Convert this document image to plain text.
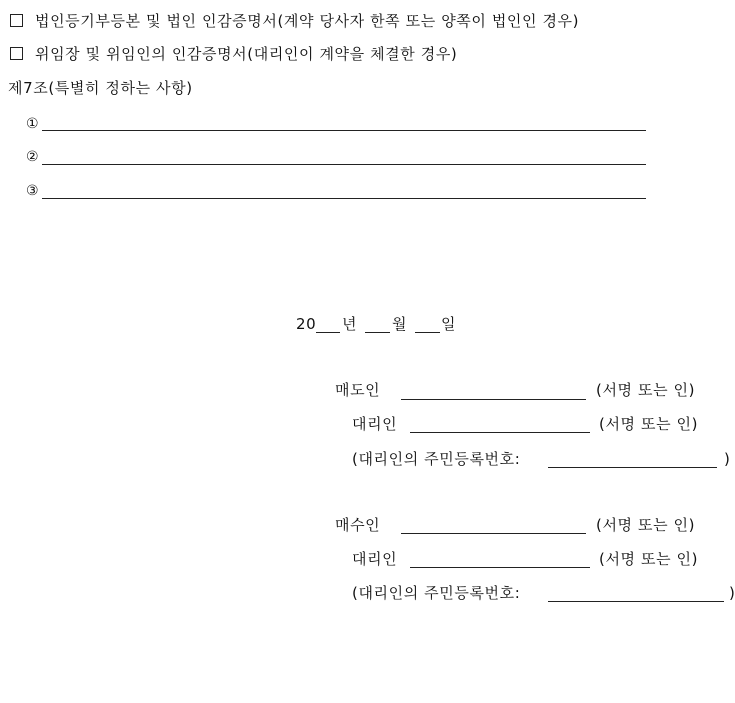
법인등기부등본 및 법인 인감증명서(계약 당사자 한쪽 또는 양쪽이 법인인 경우)
위임장 및 위임인의 인감증명서(대리인이 계약을 체결한 경우)
제7조(특별히 정하는 사항)
①
②
③
20 년 월 일
매도인	(서명 또는 인)
대리인	(서명 또는 인)
(대리인의 주민등록번호:	)
매수인	(서명 또는 인)
대리인	(서명 또는 인)
(대리인의 주민등록번호:	)
